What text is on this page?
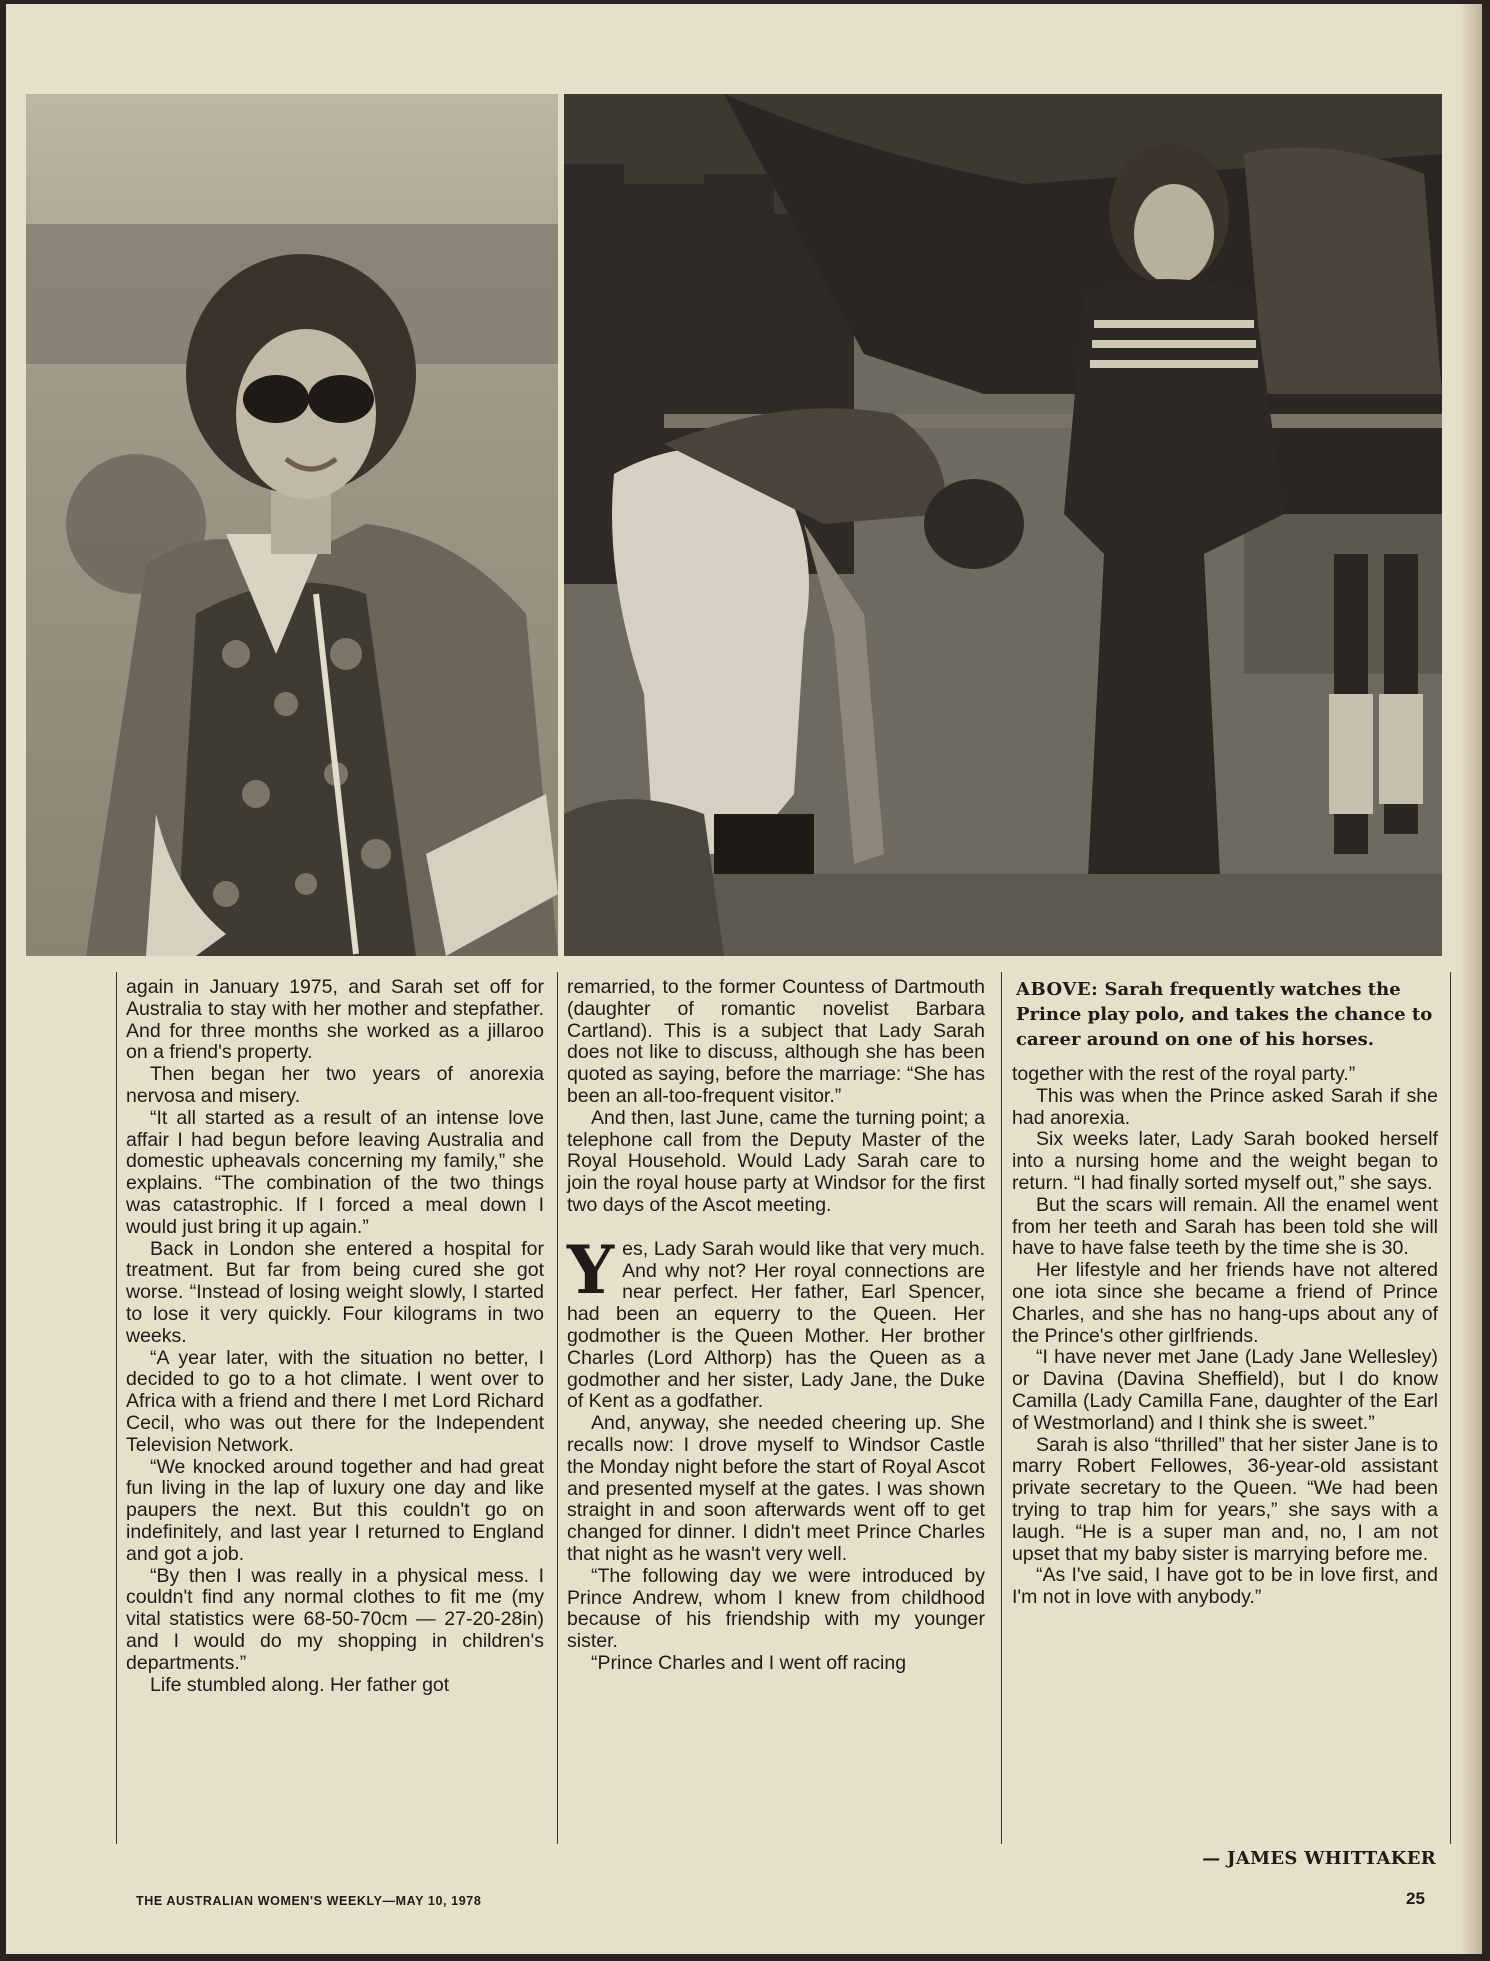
again in January 1975, and Sarah set off for Australia to stay with her mother and stepfather. And for three months she worked as a jillaroo on a friend's property.

Then began her two years of anorexia nervosa and misery.

“It all started as a result of an intense love affair I had begun before leaving Australia and domestic upheavals concerning my family,” she explains. “The combination of the two things was catastrophic. If I forced a meal down I would just bring it up again.”

Back in London she entered a hospital for treatment. But far from being cured she got worse. “Instead of losing weight slowly, I started to lose it very quickly. Four kilograms in two weeks.

“A year later, with the situation no better, I decided to go to a hot climate. I went over to Africa with a friend and there I met Lord Richard Cecil, who was out there for the Independent Television Network.

“We knocked around together and had great fun living in the lap of luxury one day and like paupers the next. But this couldn't go on indefinitely, and last year I returned to England and got a job.

“By then I was really in a physical mess. I couldn't find any normal clothes to fit me (my vital statistics were 68-50-70cm — 27-20-28in) and I would do my shopping in children's departments.”

Life stumbled along. Her father got

remarried, to the former Countess of Dartmouth (daughter of romantic novelist Barbara Cartland). This is a subject that Lady Sarah does not like to discuss, although she has been quoted as saying, before the marriage: “She has been an all-too-frequent visitor.”

And then, last June, came the turning point; a telephone call from the Deputy Master of the Royal Household. Would Lady Sarah care to join the royal house party at Windsor for the first two days of the Ascot meeting.

Yes, Lady Sarah would like that very much. And why not? Her royal connections are near perfect. Her father, Earl Spencer, had been an equerry to the Queen. Her godmother is the Queen Mother. Her brother Charles (Lord Althorp) has the Queen as a godmother and her sister, Lady Jane, the Duke of Kent as a godfather.

And, anyway, she needed cheering up. She recalls now: I drove myself to Windsor Castle the Monday night before the start of Royal Ascot and presented myself at the gates. I was shown straight in and soon afterwards went off to get changed for dinner. I didn't meet Prince Charles that night as he wasn't very well.

“The following day we were introduced by Prince Andrew, whom I knew from childhood because of his friendship with my younger sister.

“Prince Charles and I went off racing

ABOVE: Sarah frequently watches the Prince play polo, and takes the chance to career around on one of his horses.

together with the rest of the royal party.”

This was when the Prince asked Sarah if she had anorexia.

Six weeks later, Lady Sarah booked herself into a nursing home and the weight began to return. “I had finally sorted myself out,” she says.

But the scars will remain. All the enamel went from her teeth and Sarah has been told she will have to have false teeth by the time she is 30.

Her lifestyle and her friends have not altered one iota since she became a friend of Prince Charles, and she has no hang-ups about any of the Prince's other girlfriends.

“I have never met Jane (Lady Jane Wellesley) or Davina (Davina Sheffield), but I do know Camilla (Lady Camilla Fane, daughter of the Earl of Westmorland) and I think she is sweet.”

Sarah is also “thrilled” that her sister Jane is to marry Robert Fellowes, 36-year-old assistant private secretary to the Queen. “We had been trying to trap him for years,” she says with a laugh. “He is a super man and, no, I am not upset that my baby sister is marrying before me.

“As I've said, I have got to be in love first, and I'm not in love with anybody.”

— JAMES WHITTAKER
THE AUSTRALIAN WOMEN'S WEEKLY—MAY 10, 1978	25
